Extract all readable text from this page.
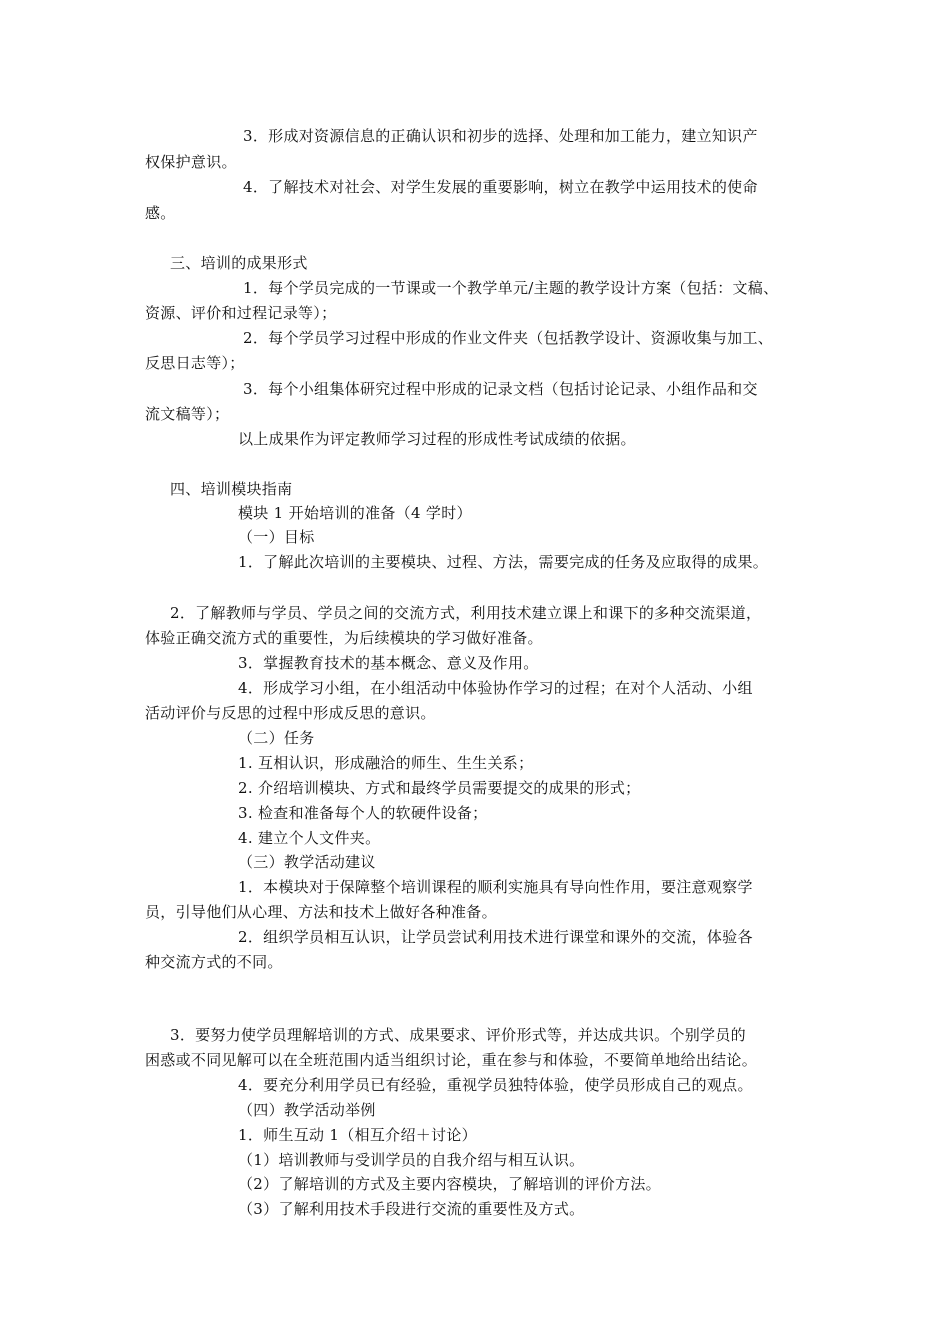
3．形成对资源信息的正确认识和初步的选择、处理和加工能力，建立知识产
权保护意识。
4．了解技术对社会、对学生发展的重要影响，树立在教学中运用技术的使命
感。
三、培训的成果形式
1．每个学员完成的一节课或一个教学单元/主题的教学设计方案（包括：文稿、
资源、评价和过程记录等）；
2．每个学员学习过程中形成的作业文件夹（包括教学设计、资源收集与加工、
反思日志等）；
3．每个小组集体研究过程中形成的记录文档（包括讨论记录、小组作品和交
流文稿等）；
以上成果作为评定教师学习过程的形成性考试成绩的依据。
四、培训模块指南
模块 1 开始培训的准备（4 学时）
（一）目标
1．了解此次培训的主要模块、过程、方法，需要完成的任务及应取得的成果。
2．了解教师与学员、学员之间的交流方式，利用技术建立课上和课下的多种交流渠道，
体验正确交流方式的重要性，为后续模块的学习做好准备。
3．掌握教育技术的基本概念、意义及作用。
4．形成学习小组，在小组活动中体验协作学习的过程；在对个人活动、小组
活动评价与反思的过程中形成反思的意识。
（二）任务
1. 互相认识，形成融洽的师生、生生关系；
2. 介绍培训模块、方式和最终学员需要提交的成果的形式；
3. 检查和准备每个人的软硬件设备；
4. 建立个人文件夹。
（三）教学活动建议
1．本模块对于保障整个培训课程的顺利实施具有导向性作用，要注意观察学
员，引导他们从心理、方法和技术上做好各种准备。
2．组织学员相互认识，让学员尝试利用技术进行课堂和课外的交流，体验各
种交流方式的不同。
3．要努力使学员理解培训的方式、成果要求、评价形式等，并达成共识。个别学员的
困惑或不同见解可以在全班范围内适当组织讨论，重在参与和体验，不要简单地给出结论。
4．要充分利用学员已有经验，重视学员独特体验，使学员形成自己的观点。
（四）教学活动举例
1．师生互动 1（相互介绍＋讨论）
（1）培训教师与受训学员的自我介绍与相互认识。
（2）了解培训的方式及主要内容模块，了解培训的评价方法。
（3）了解利用技术手段进行交流的重要性及方式。
